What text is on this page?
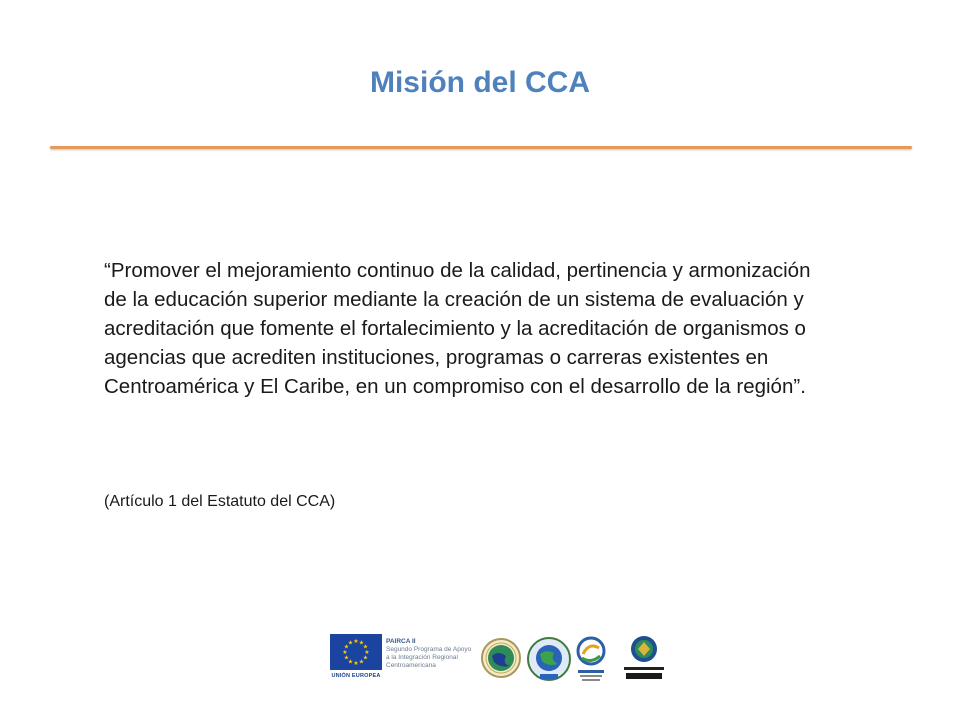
Misión del CCA
“Promover el mejoramiento continuo de la calidad, pertinencia y armonización de la educación superior mediante la creación de un sistema de evaluación y acreditación que fomente el fortalecimiento y la acreditación de organismos o agencias que acrediten instituciones, programas o carreras existentes en Centroamérica y El Caribe, en un compromiso con el desarrollo de la región”.
(Artículo 1 del Estatuto del CCA)
★ ★
★
★
★
★
★
★
★
★
★
★
UNIÓN EUROPEA
PAIRCA II
Segundo Programa de Apoyo
a la Integración Regional
Centroamericana
